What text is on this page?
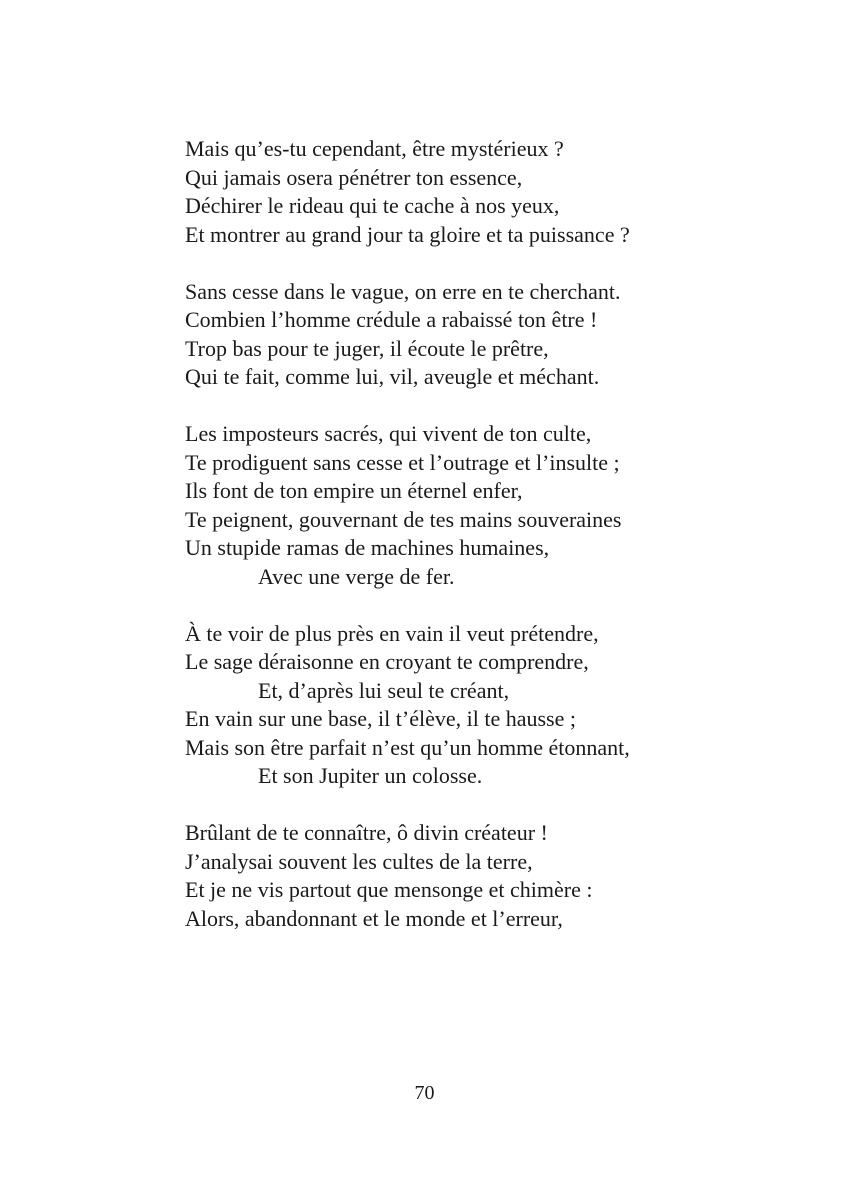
Mais qu’es-tu cependant, être mystérieux ?
Qui jamais osera pénétrer ton essence,
Déchirer le rideau qui te cache à nos yeux,
Et montrer au grand jour ta gloire et ta puissance ?
Sans cesse dans le vague, on erre en te cherchant.
Combien l’homme crédule a rabaissé ton être !
Trop bas pour te juger, il écoute le prêtre,
Qui te fait, comme lui, vil, aveugle et méchant.
Les imposteurs sacrés, qui vivent de ton culte,
Te prodiguent sans cesse et l’outrage et l’insulte ;
Ils font de ton empire un éternel enfer,
Te peignent, gouvernant de tes mains souveraines
Un stupide ramas de machines humaines,
Avec une verge de fer.
À te voir de plus près en vain il veut prétendre,
Le sage déraisonne en croyant te comprendre,
Et, d’après lui seul te créant,
En vain sur une base, il t’élève, il te hausse ;
Mais son être parfait n’est qu’un homme étonnant,
Et son Jupiter un colosse.
Brûlant de te connaître, ô divin créateur !
J’analysai souvent les cultes de la terre,
Et je ne vis partout que mensonge et chimère :
Alors, abandonnant et le monde et l’erreur,
70
